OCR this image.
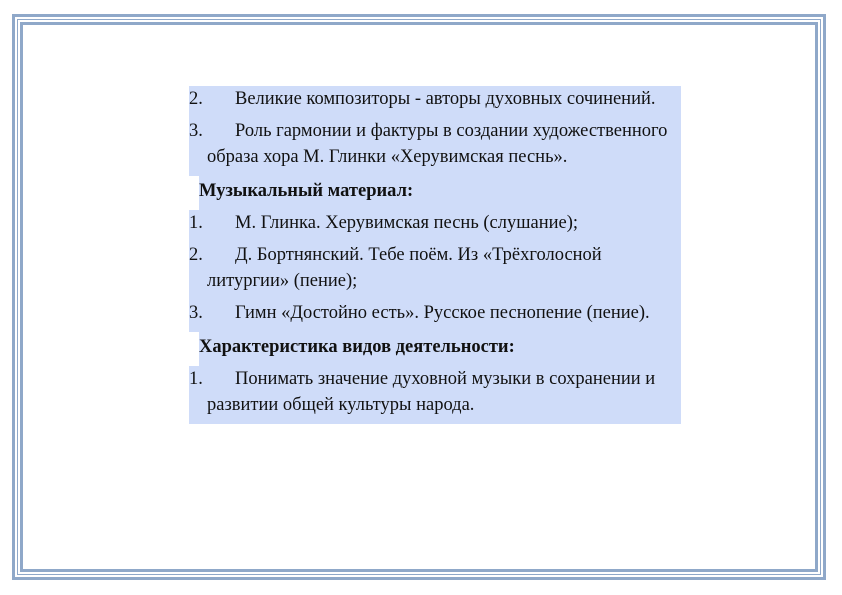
2.	Великие композиторы - авторы духовных сочинений.
3.	Роль гармонии и фактуры в создании художественного образа хора М. Глинки «Херувимская песнь».
Музыкальный материал:
1.	М. Глинка. Херувимская песнь (слушание);
2.	Д. Бортнянский. Тебе поём. Из «Трёхголосной литургии» (пение);
3.	Гимн «Достойно есть». Русское песнопение (пение).
Характеристика видов деятельности:
1.	Понимать значение духовной музыки в сохранении и развитии общей культуры народа.
